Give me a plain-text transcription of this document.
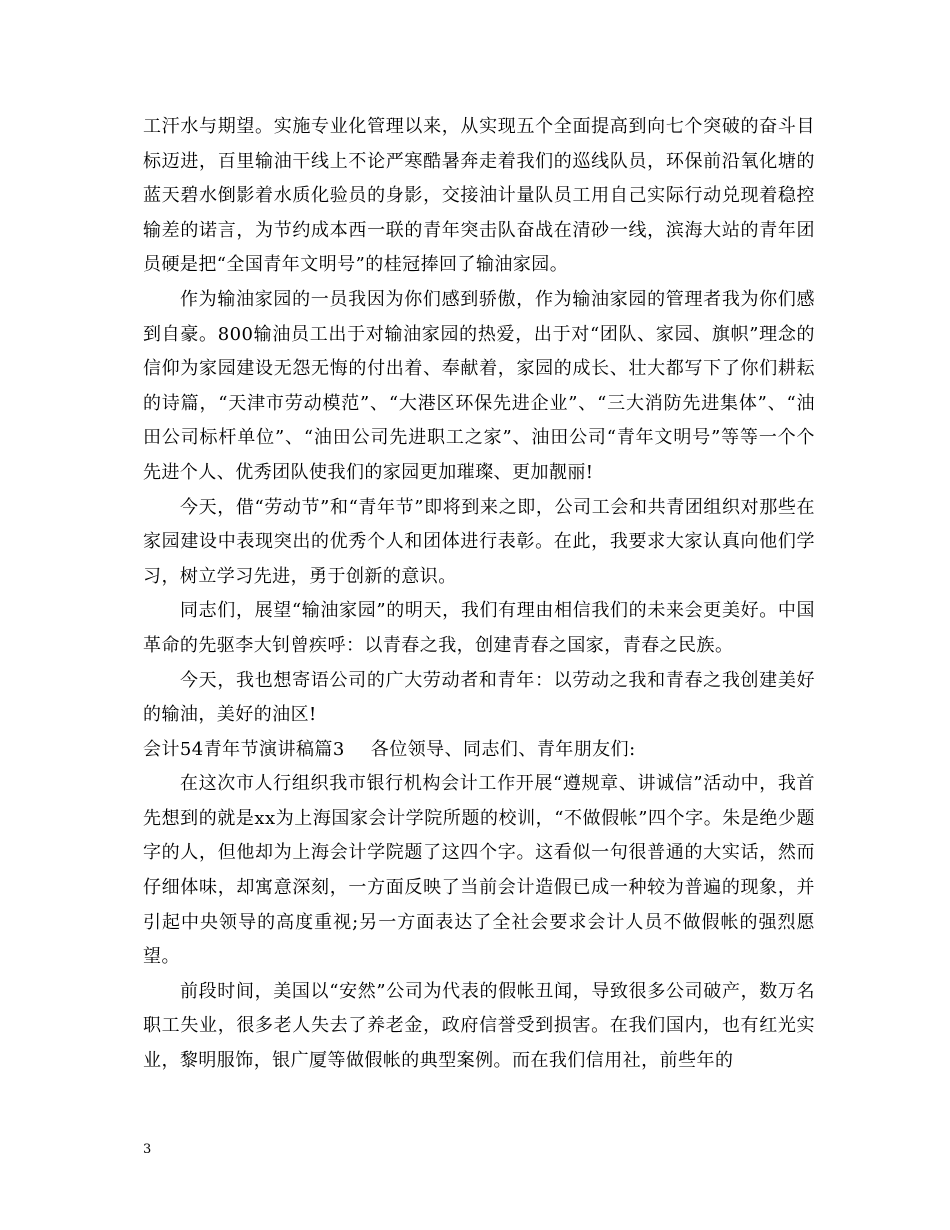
工汗水与期望。实施专业化管理以来，从实现五个全面提高到向七个突破的奋斗目标迈进，百里输油干线上不论严寒酷暑奔走着我们的巡线队员，环保前沿氧化塘的蓝天碧水倒影着水质化验员的身影，交接油计量队员工用自己实际行动兑现着稳控输差的诺言，为节约成本西一联的青年突击队奋战在清砂一线，滨海大站的青年团员硬是把“全国青年文明号”的桂冠捧回了输油家园。

作为输油家园的一员我因为你们感到骄傲，作为输油家园的管理者我为你们感到自豪。800输油员工出于对输油家园的热爱，出于对“团队、家园、旗帜”理念的信仰为家园建设无怨无悔的付出着、奉献着，家园的成长、壮大都写下了你们耕耘的诗篇，“天津市劳动模范”、“大港区环保先进企业”、“三大消防先进集体”、“油田公司标杆单位”、“油田公司先进职工之家”、油田公司“青年文明号”等等一个个先进个人、优秀团队使我们的家园更加璀璨、更加靓丽!

今天，借“劳动节”和“青年节”即将到来之即，公司工会和共青团组织对那些在家园建设中表现突出的优秀个人和团体进行表彰。在此，我要求大家认真向他们学习，树立学习先进，勇于创新的意识。

同志们，展望“输油家园”的明天，我们有理由相信我们的未来会更美好。中国革命的先驱李大钊曾疾呼：以青春之我，创建青春之国家，青春之民族。

今天，我也想寄语公司的广大劳动者和青年：以劳动之我和青春之我创建美好的输油，美好的油区!

会计54青年节演讲稿篇3 各位领导、同志们、青年朋友们:

在这次市人行组织我市银行机构会计工作开展“遵规章、讲诚信”活动中，我首先想到的就是xx为上海国家会计学院所题的校训，“不做假帐”四个字。朱是绝少题字的人，但他却为上海会计学院题了这四个字。这看似一句很普通的大实话，然而仔细体味，却寓意深刻，一方面反映了当前会计造假已成一种较为普遍的现象，并引起中央领导的高度重视;另一方面表达了全社会要求会计人员不做假帐的强烈愿望。

前段时间，美国以“安然”公司为代表的假帐丑闻，导致很多公司破产，数万名职工失业，很多老人失去了养老金，政府信誉受到损害。在我们国内，也有红光实业，黎明服饰，银广厦等做假帐的典型案例。而在我们信用社，前些年的

3
